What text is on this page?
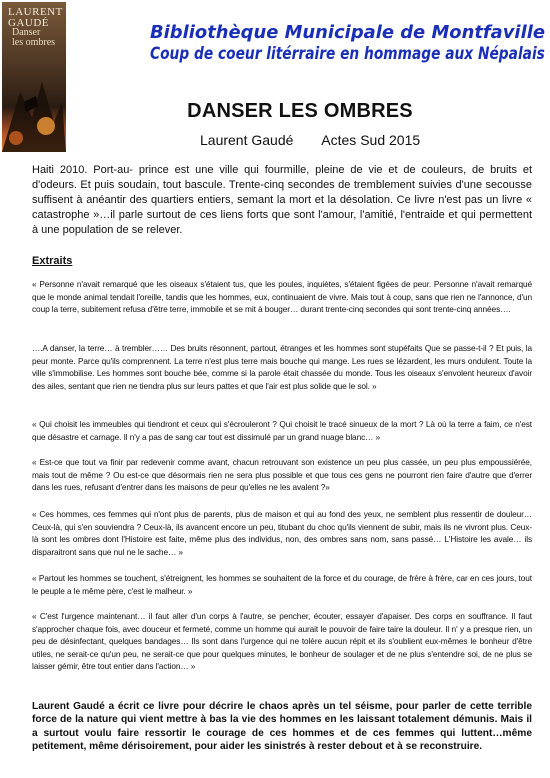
LAURENT GAUDÉ
Danser
les ombres	Bibliothèque Municipale de Montfaville
Coup de coeur litérraire en hommage aux Népalais
DANSER LES OMBRES
Laurent Gaudé Actes Sud 2015
Haiti 2010. Port-au- prince est une ville qui fourmille, pleine de vie et de couleurs, de bruits et d'odeurs. Et puis soudain, tout bascule. Trente-cinq secondes de tremblement suivies d'une secousse suffisent à anéantir des quartiers entiers, semant la mort et la désolation. Ce livre n'est pas un livre « catastrophe »…il parle surtout de ces liens forts que sont l'amour, l'amitié, l'entraide et qui permettent à une population de se relever.
Extraits
« Personne n'avait remarqué que les oiseaux s'étaient tus, que les poules, inquiètes, s'étaient figées de peur. Personne n'avait remarqué que le monde animal tendait l'oreille, tandis que les hommes, eux, continuaient de vivre. Mais tout à coup, sans que rien ne l'annonce, d'un coup la terre, subitement refusa d'être terre, immobile et se mit à bouger… durant trente-cinq secondes qui sont trente-cinq années….
….A danser, la terre… à trembler…… Des bruits résonnent, partout, étranges et les hommes sont stupéfaits Que se passe-t-il ? Et puis, la peur monte. Parce qu'ils comprennent. La terre n'est plus terre mais bouche qui mange. Les rues se lézardent, les murs ondulent. Toute la ville s'immobilise. Les hommes sont bouche bée, comme si la parole était chassée du monde. Tous les oiseaux s'envolent heureux d'avoir des ailes, sentant que rien ne tiendra plus sur leurs pattes et que l'air est plus solide que le sol. »
« Qui choisit les immeubles qui tiendront et ceux qui s'écrouleront ? Qui choisit le tracé sinueux de la mort ? Là où la terre a faim, ce n'est que désastre et carnage. Il n'y a pas de sang car tout est dissimulé par un grand nuage blanc… »
« Est-ce que tout va finir par redevenir comme avant, chacun retrouvant son existence un peu plus cassée, un peu plus empoussiérée, mais tout de même ? Ou est-ce que désormais rien ne sera plus possible et que tous ces gens ne pourront rien faire d'autre que d'errer dans les rues, refusant d'entrer dans les maisons de peur qu'elles ne les avalent ?»
« Ces hommes, ces femmes qui n'ont plus de parents, plus de maison et qui au fond des yeux, ne semblent plus ressentir de douleur… Ceux-là, qui s'en souviendra ? Ceux-là, ils avancent encore un peu, titubant du choc qu'ils viennent de subir, mais ils ne vivront plus. Ceux- là sont les ombres dont l'Histoire est faite, même plus des individus, non, des ombres sans nom, sans passé… L'Histoire les avale… ils disparaitront sans que nul ne le sache… »
« Partout les hommes se touchent, s'étreignent, les hommes se souhaitent de la force et du courage, de frère à frère, car en ces jours, tout le peuple a le même père, c'est le malheur. »
« C'est l'urgence maintenant… il faut aller d'un corps à l'autre, se pencher, écouter, essayer d'apaiser. Des corps en souffrance. Il faut s'approcher chaque fois, avec douceur et fermeté, comme un homme qui aurait le pouvoir de faire taire la douleur. Il n' y a presque rien, un peu de désinfectant, quelques bandages… Ils sont dans l'urgence qui ne tolère aucun répit et ils s'oublient eux-mêmes le bonheur d'être utiles, ne serait-ce qu'un peu, ne serait-ce que pour quelques minutes, le bonheur de soulager et de ne plus s'entendre soi, de ne plus se laisser gémir, être tout entier dans l'action… »
Laurent Gaudé a écrit ce livre pour décrire le chaos après un tel séisme, pour parler de cette terrible force de la nature qui vient mettre à bas la vie des hommes en les laissant totalement démunis. Mais il a surtout voulu faire ressortir le courage de ces hommes et de ces femmes qui luttent…même petitement, même dérisoirement, pour aider les sinistrés à rester debout et à se reconstruire.
